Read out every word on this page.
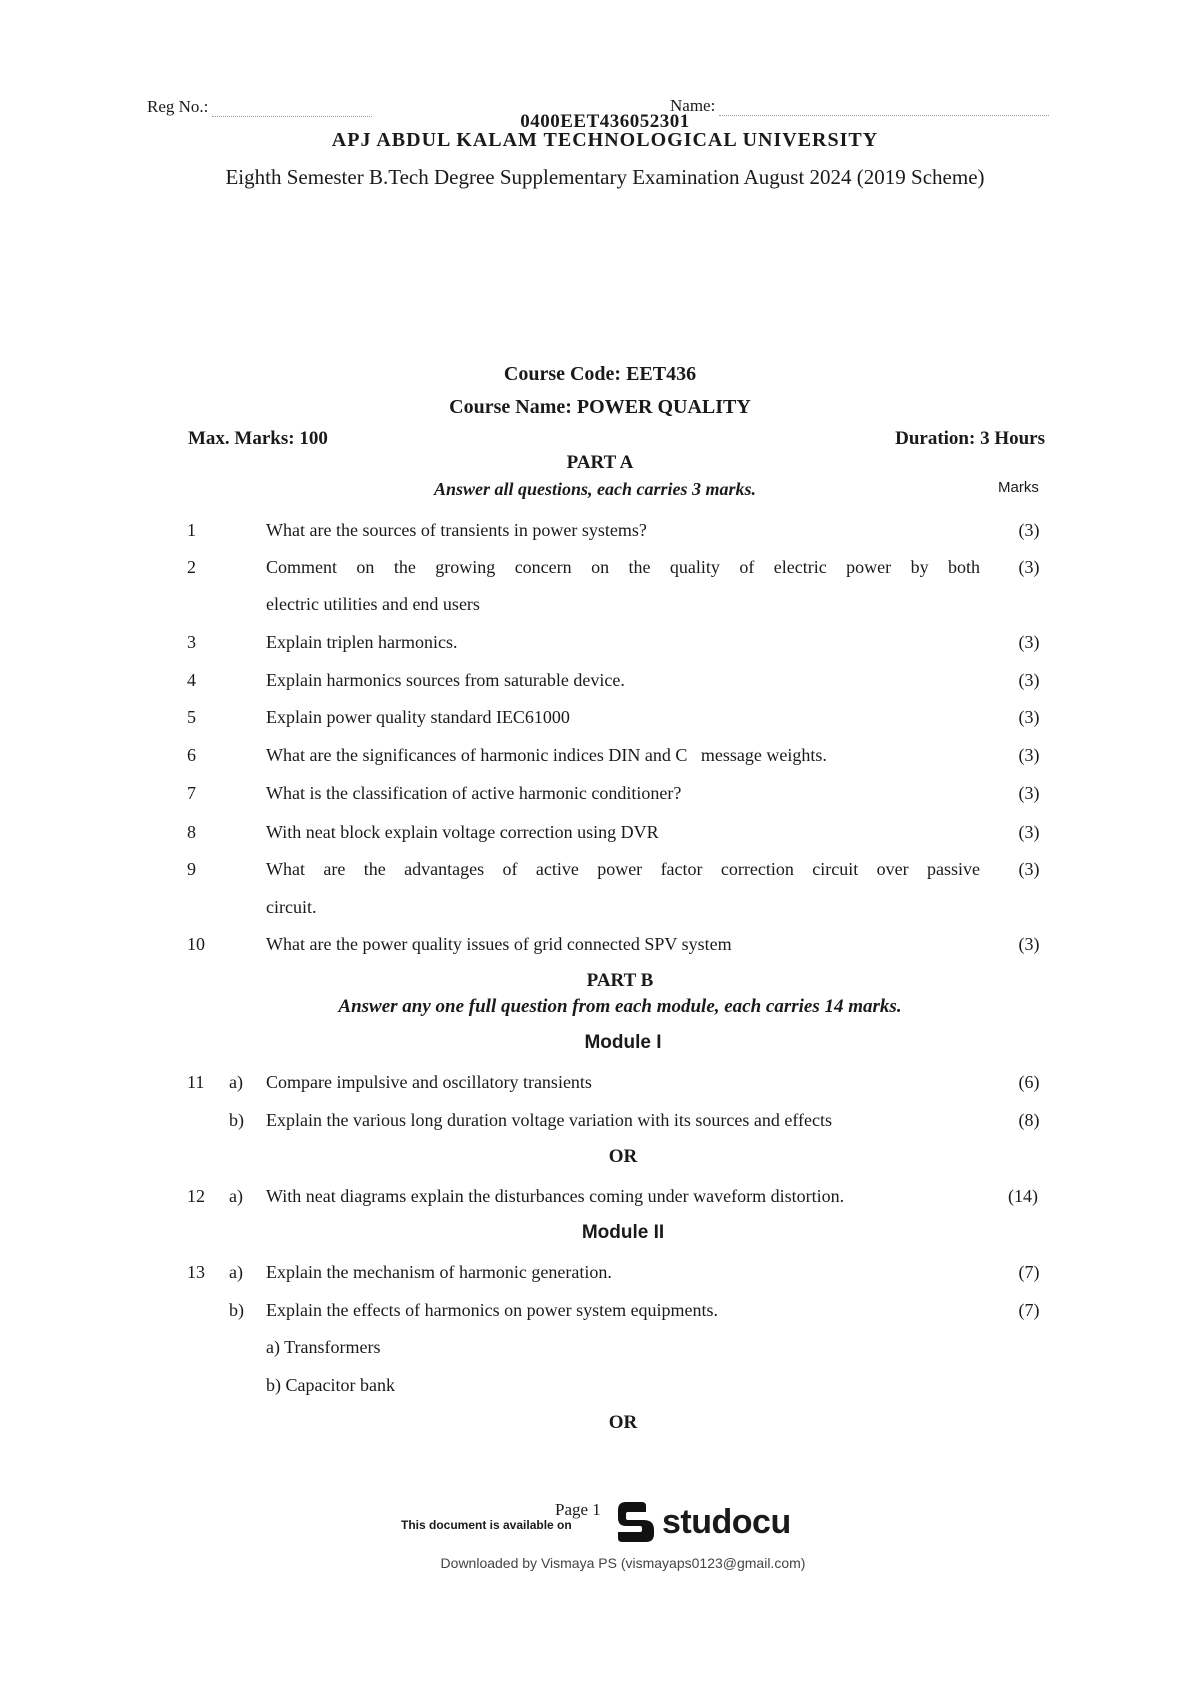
Reg No.:	Name:
0400EET436052301
APJ ABDUL KALAM TECHNOLOGICAL UNIVERSITY
Eighth Semester B.Tech Degree Supplementary Examination August 2024 (2019 Scheme)
Course Code: EET436
Course Name: POWER QUALITY
Max. Marks: 100	Duration: 3 Hours
PART A
Answer all questions, each carries 3 marks.	Marks
1	What are the sources of transients in power systems?	(3)
2	Comment on the growing concern on the quality of electric power by both	(3)
electric utilities and end users
3	Explain triplen harmonics.	(3)
4	Explain harmonics sources from saturable device.	(3)
5	Explain power quality standard IEC61000	(3)
6	What are the significances of harmonic indices DIN and C   message weights.	(3)
7	What is the classification of active harmonic conditioner?	(3)
8	With neat block explain voltage correction using DVR	(3)
9	What are the advantages of active power factor correction circuit over passive	(3)
circuit.
10	What are the power quality issues of grid connected SPV system	(3)
PART B
Answer any one full question from each module, each carries 14 marks.
Module I
11 a) Compare impulsive and oscillatory transients	(6)
b) Explain the various long duration voltage variation with its sources and effects	(8)
OR
12 a) With neat diagrams explain the disturbances coming under waveform distortion.	(14)
Module II
13 a) Explain the mechanism of harmonic generation.	(7)
b) Explain the effects of harmonics on power system equipments.	(7)
a) Transformers
b) Capacitor bank
OR
Page 1
This document is available on	studocu
Downloaded by Vismaya PS (vismayaps0123@gmail.com)
